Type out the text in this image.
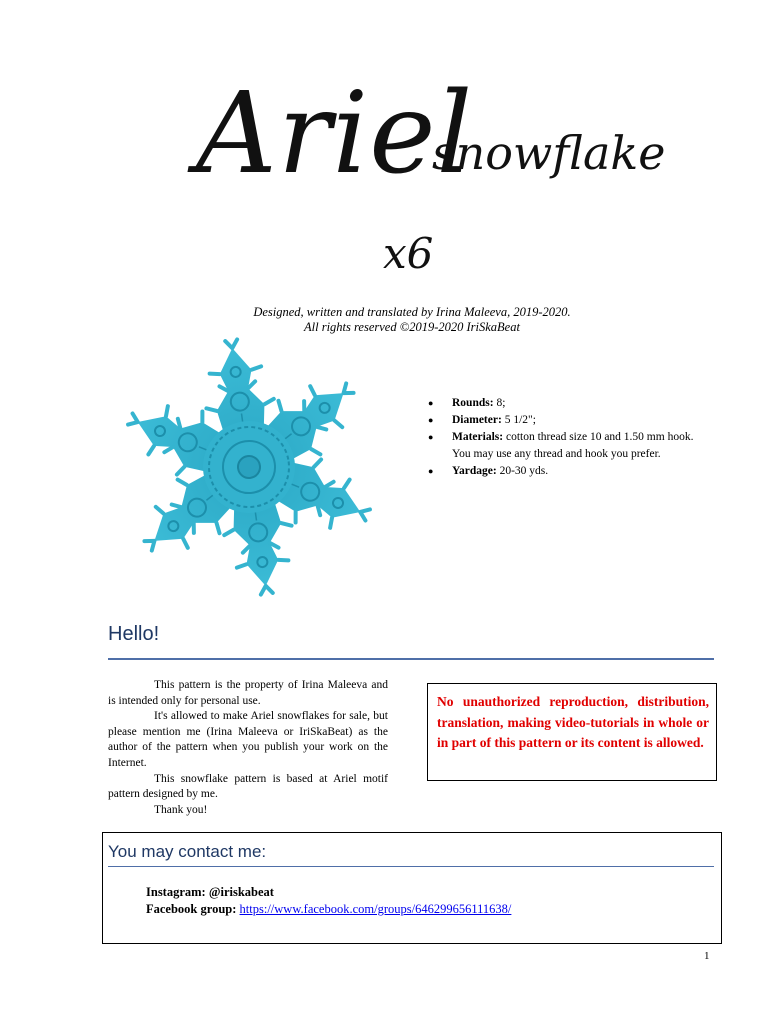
Ariel
snowflake
x6
Designed, written and translated by Irina Maleeva, 2019-2020.
All rights reserved ©2019-2020 IriSkaBeat
● Rounds: 8;
● Diameter: 5 1/2";
● Materials: cotton thread size 10 and 1.50 mm hook.
You may use any thread and hook you prefer.
● Yardage: 20-30 yds.
Hello!

This pattern is the property of Irina Maleeva and is intended only for personal use.

It's allowed to make Ariel snowflakes for sale, but please mention me (Irina Maleeva or IriSkaBeat) as the author of the pattern when you publish your work on the Internet.

This snowflake pattern is based at Ariel motif pattern designed by me.

Thank you!

No unauthorized reproduction, distribution, translation, making video-tutorials in whole or in part of this pattern or its content is allowed.
You may contact me:
Instagram: @iriskabeat
Facebook group: https://www.facebook.com/groups/646299656111638/
1
